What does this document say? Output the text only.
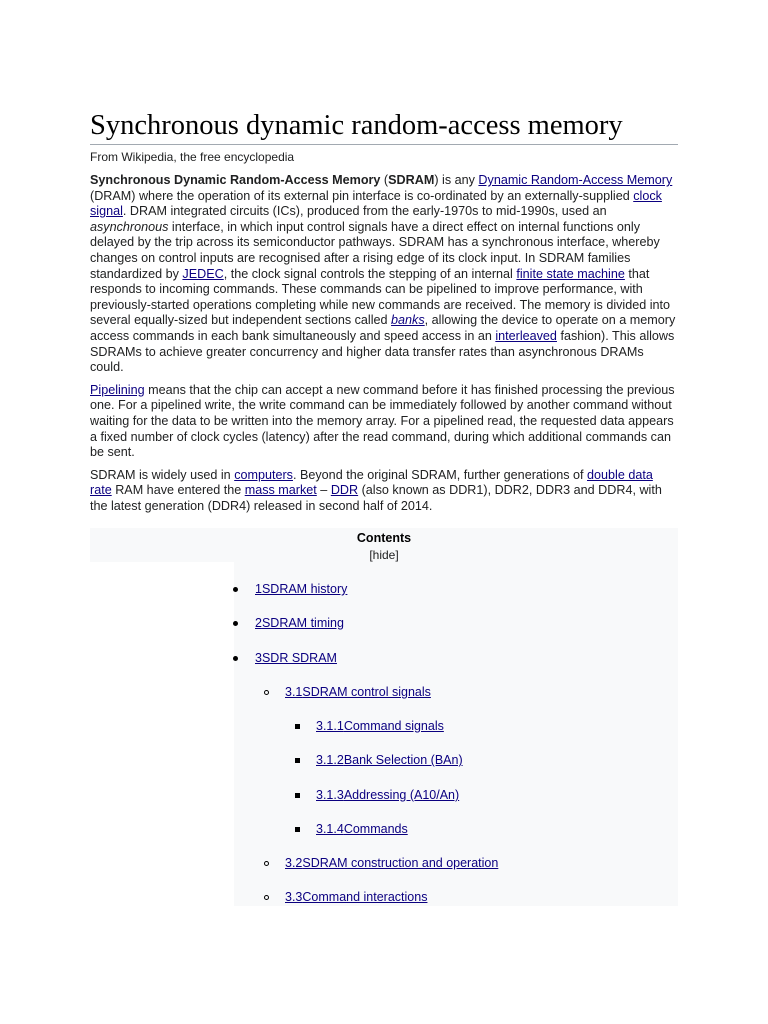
Synchronous dynamic random-access memory
From Wikipedia, the free encyclopedia

Synchronous Dynamic Random-Access Memory (SDRAM) is any Dynamic Random-Access Memory (DRAM) where the operation of its external pin interface is co-ordinated by an externally-supplied clock signal. DRAM integrated circuits (ICs), produced from the early-1970s to mid-1990s, used an asynchronous interface, in which input control signals have a direct effect on internal functions only delayed by the trip across its semiconductor pathways. SDRAM has a synchronous interface, whereby changes on control inputs are recognised after a rising edge of its clock input. In SDRAM families standardized by JEDEC, the clock signal controls the stepping of an internal finite state machine that responds to incoming commands. These commands can be pipelined to improve performance, with previously-started operations completing while new commands are received. The memory is divided into several equally-sized but independent sections called banks, allowing the device to operate on a memory access commands in each bank simultaneously and speed access in an interleaved fashion). This allows SDRAMs to achieve greater concurrency and higher data transfer rates than asynchronous DRAMs could.

Pipelining means that the chip can accept a new command before it has finished processing the previous one. For a pipelined write, the write command can be immediately followed by another command without waiting for the data to be written into the memory array. For a pipelined read, the requested data appears a fixed number of clock cycles (latency) after the read command, during which additional commands can be sent.

SDRAM is widely used in computers. Beyond the original SDRAM, further generations of double data rate RAM have entered the mass market – DDR (also known as DDR1), DDR2, DDR3 and DDR4, with the latest generation (DDR4) released in second half of 2014.

Contents
[hide]
1SDRAM history
2SDRAM timing
3SDR SDRAM
3.1SDRAM control signals
3.1.1Command signals
3.1.2Bank Selection (BAn)
3.1.3Addressing (A10/An)
3.1.4Commands
3.2SDRAM construction and operation
3.3Command interactions
